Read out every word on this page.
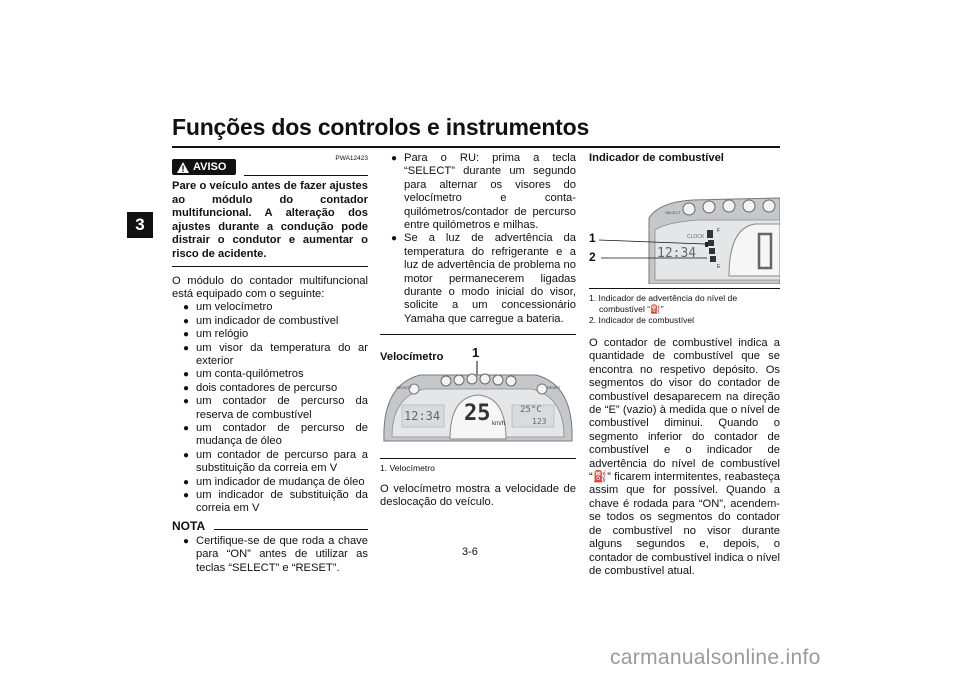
Funções dos controlos e instrumentos
3
AVISO
PWA12423

Pare o veículo antes de fazer ajustes ao módulo do contador multifuncional. A alteração dos ajustes durante a condução pode distrair o condutor e aumentar o risco de acidente.

O módulo do contador multifuncional está equipado com o seguinte:

● um velocímetro
● um indicador de combustível
● um relógio
● um visor da temperatura do ar exterior
● um conta-quilómetros
● dois contadores de percurso
● um contador de percurso da reserva de combustível
● um contador de percurso de mudança de óleo
● um contador de percurso para a substituição da correia em V
● um indicador de mudança de óleo
● um indicador de substituição da correia em V
NOTA
● Certifique-se de que roda a chave para “ON” antes de utilizar as teclas “SELECT” e “RESET”.
● Para o RU: prima a tecla “SELECT” durante um segundo para alternar os visores do velocímetro e conta-quilómetros/contador de percurso entre quilómetros e milhas.
● Se a luz de advertência da temperatura do refrigerante e a luz de advertência de problema no motor permanecerem ligadas durante o modo inicial do visor, solicite a um concessionário Yamaha que carregue a bateria.
Velocímetro	1
25 km/h
12:34	25°C
123
SELECT	RESET
1. Velocímetro

O velocímetro mostra a velocidade de deslocação do veículo.

Indicador de combustível
1
2	12:34
CLOCK
SELECT
F
E
1. Indicador de advertência do nível de combustível “⛽”
2. Indicador de combustível

O contador de combustível indica a quantidade de combustível que se encontra no respetivo depósito. Os segmentos do visor do contador de combustível desaparecem na direção de “E” (vazio) à medida que o nível de combustível diminui. Quando o segmento inferior do contador de combustível e o indicador de advertência do nível de combustível “⛽” ficarem intermitentes, reabasteça assim que for possível. Quando a chave é rodada para “ON”, acendem-se todos os segmentos do contador de combustível no visor durante alguns segundos e, depois, o contador de combustível indica o nível de combustível atual.

3-6
carmanualsonline.info
